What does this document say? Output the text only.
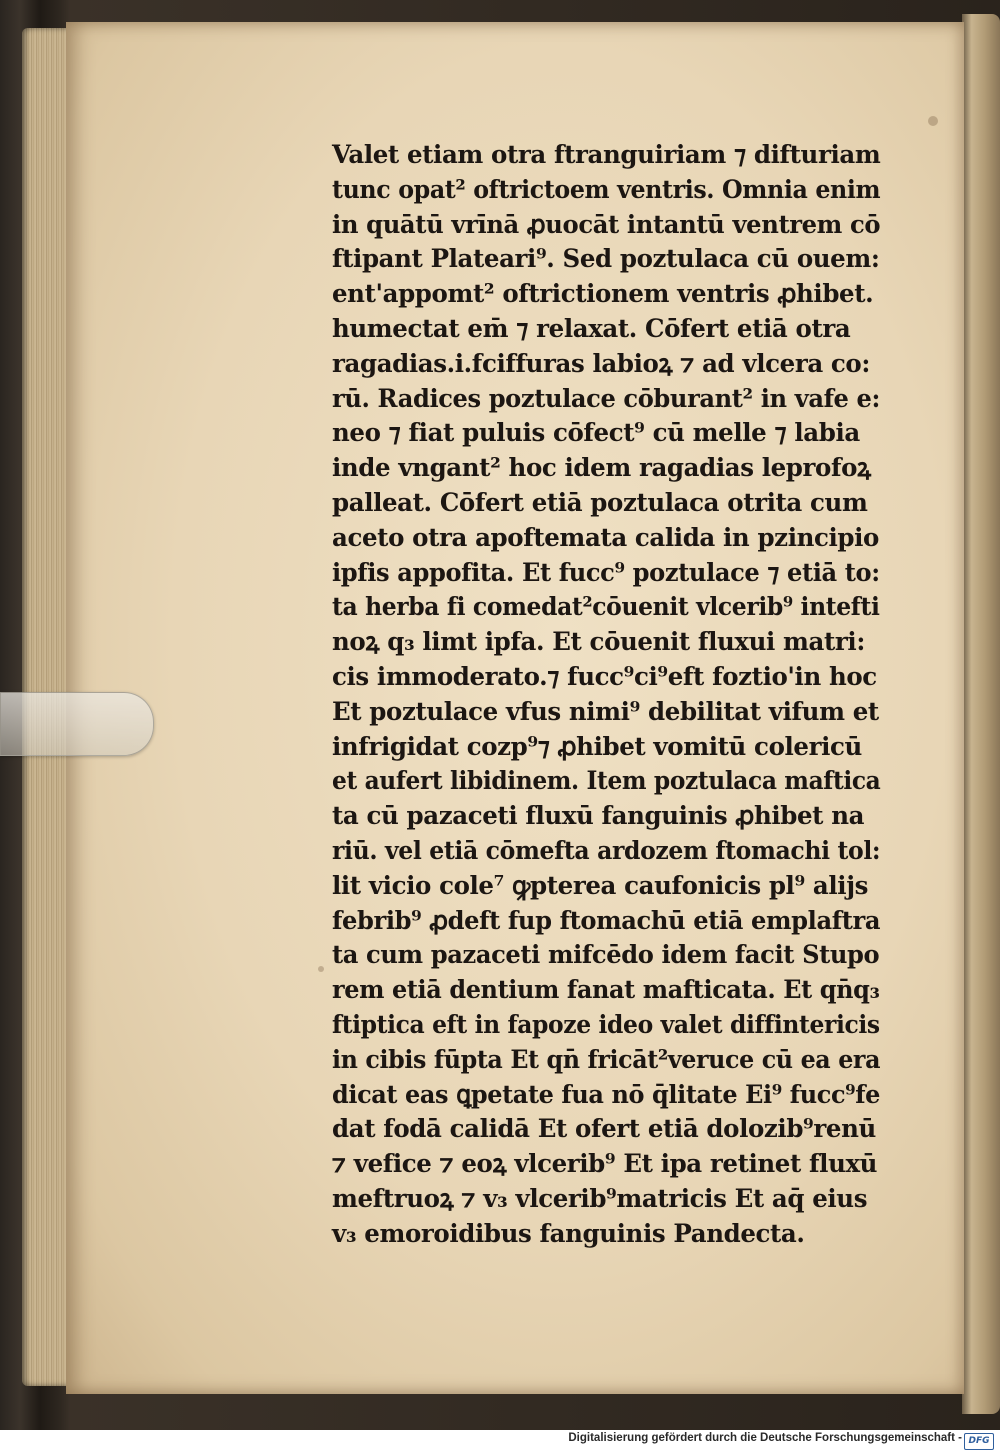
Valet etiam otra ftranguiriam ⁊ difturiam
tunc opat² oftrictoem ventris. Omnia enim
in quātū vrīnā ꝓuocāt intantū ventrem cō
ftipant Plateari⁹. Sed poztulaca cū ouem:
ent'appomt² oftrictionem ventris ꝓhibet.
humectat em̄ ⁊ relaxat. Cōfert etiā otra
ragadias.i.fciffuras labioꝝ ⁊ ad vlcera co:
rū. Radices poztulace cōburant² in vafe e:
neo ⁊ fiat puluis cōfect⁹ cū melle ⁊ labia
inde vngant² hoc idem ragadias leprofoꝝ
palleat. Cōfert etiā poztulaca otrita cum
aceto otra apoftemata calida in pzincipio
ipfis appofita. Et fucc⁹ poztulace ⁊ etiā to:
ta herba fi comedat²cōuenit vlcerib⁹ intefti
noꝝ q₃ limt ipfa. Et cōuenit fluxui matri:
cis immoderato.⁊ fucc⁹ci⁹eft foztio'in hoc
Et poztulace vfus nimi⁹ debilitat vifum et
infrigidat cozp⁹⁊ ꝓhibet vomitū colericū
et aufert libidinem. Item poztulaca maftica
ta cū pazaceti fluxū fanguinis ꝓhibet na
riū. vel etiā cōmefta ardozem ftomachi tol:
lit vicio cole⁷ ꝙpterea caufonicis pl⁹ alijs
febrib⁹ ꝓdeft fup ftomachū etiā emplaftra
ta cum pazaceti mifcēdo idem facit Stupo
rem etiā dentium fanat mafticata. Et qn̄q₃
ftiptica eft in fapoze ideo valet diffintericis
in cibis fūpta Et qn̄ fricāt²veruce cū ea era
dicat eas ꝗpetate fua nō q̄litate Ei⁹ fucc⁹fe
dat fodā calidā Et ofert etiā dolozib⁹renū
⁊ vefice ⁊ eoꝝ vlcerib⁹ Et ipa retinet fluxū
meftruoꝝ ⁊ v₃ vlcerib⁹matricis Et aq̄ eius
v₃ emoroidibus fanguinis Pandecta.
Digitalisierung gefördert durch die Deutsche Forschungsgemeinschaft - DFG
